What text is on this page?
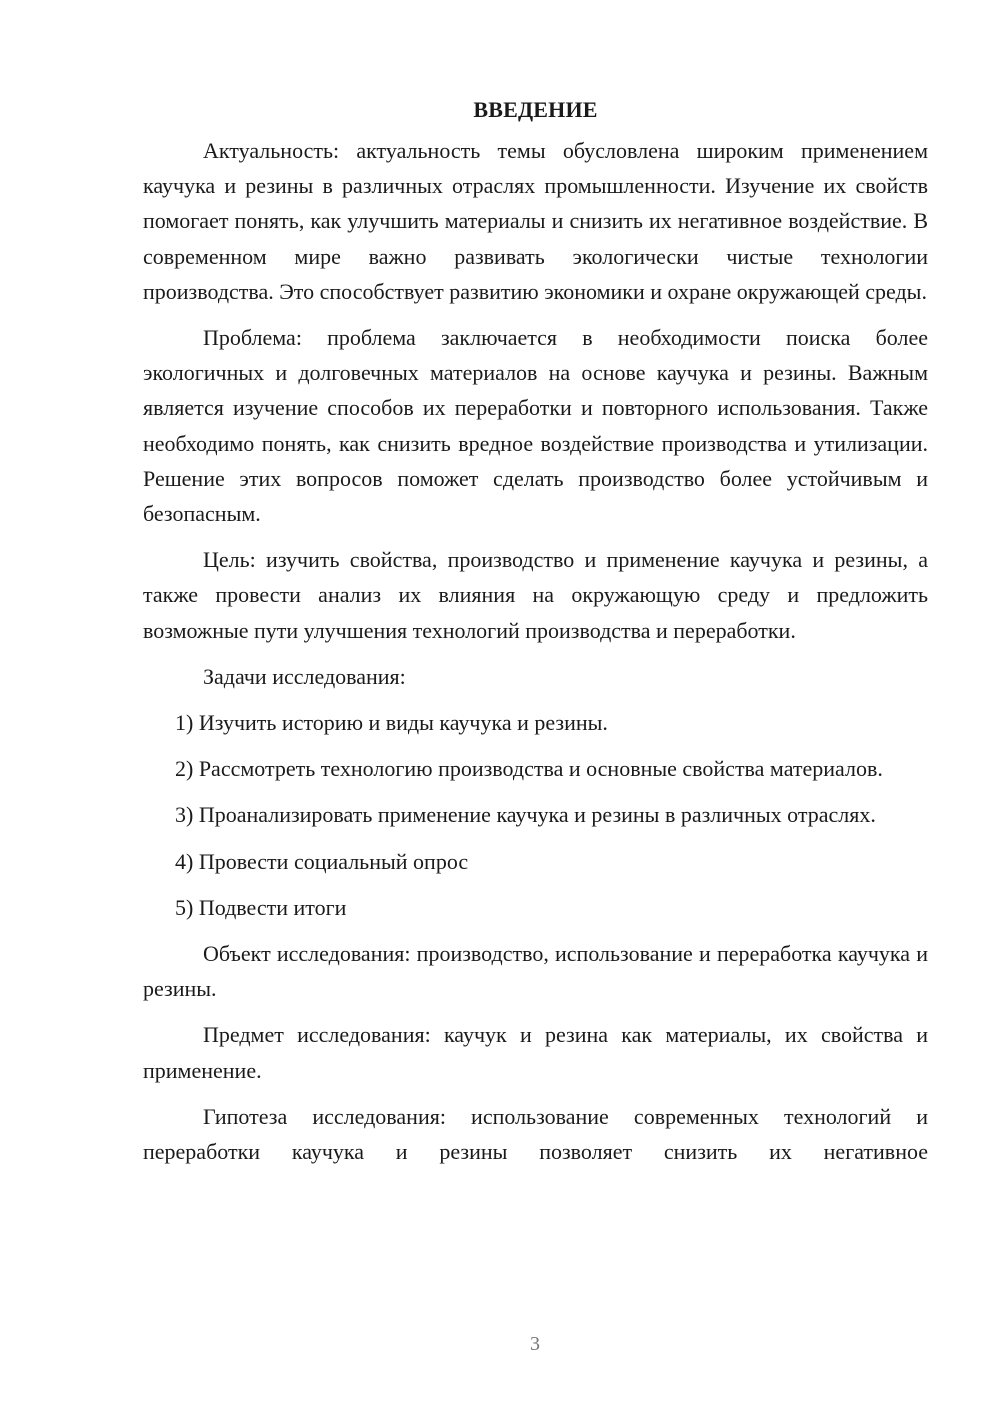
ВВЕДЕНИЕ

Актуальность: актуальность темы обусловлена широким применением каучука и резины в различных отраслях промышленности. Изучение их свойств помогает понять, как улучшить материалы и снизить их негативное воздействие. В современном мире важно развивать экологически чистые технологии производства. Это способствует развитию экономики и охране окружающей среды.

Проблема: проблема заключается в необходимости поиска более экологичных и долговечных материалов на основе каучука и резины. Важным является изучение способов их переработки и повторного использования. Также необходимо понять, как снизить вредное воздействие производства и утилизации. Решение этих вопросов поможет сделать производство более устойчивым и безопасным.

Цель: изучить свойства, производство и применение каучука и резины, а также провести анализ их влияния на окружающую среду и предложить возможные пути улучшения технологий производства и переработки.

Задачи исследования:

1) Изучить историю и виды каучука и резины.

2) Рассмотреть технологию производства и основные свойства материалов.

3) Проанализировать применение каучука и резины в различных отраслях.

4) Провести социальный опрос

5) Подвести итоги

Объект исследования: производство, использование и переработка каучука и резины.

Предмет исследования: каучук и резина как материалы, их свойства и применение.

Гипотеза исследования: использование современных технологий и переработки каучука и резины позволяет снизить их негативное

3
